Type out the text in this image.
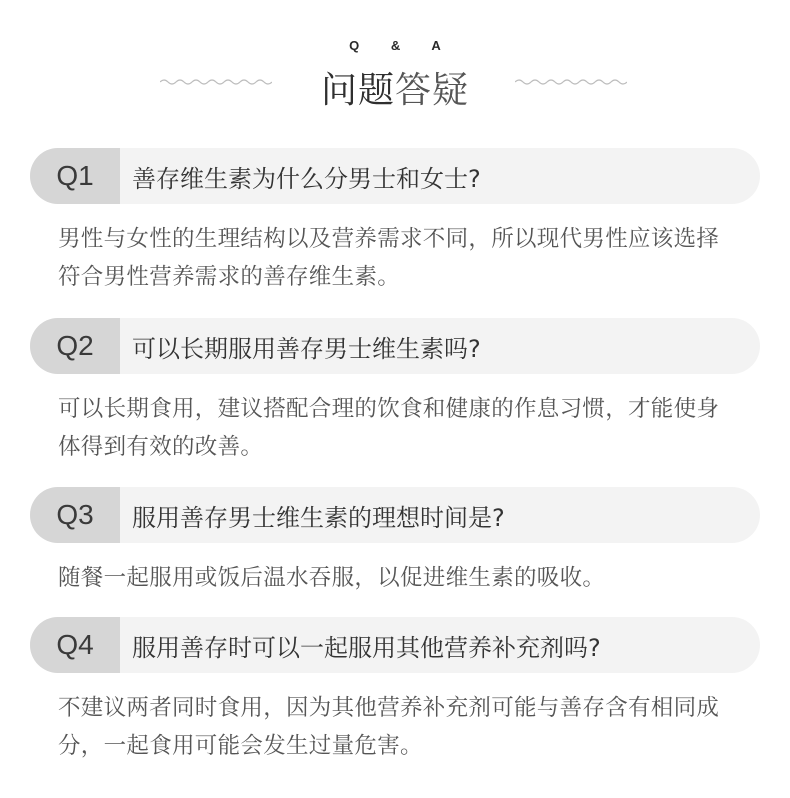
Q & A
问题答疑
Q1	善存维生素为什么分男士和女士?
男性与女性的生理结构以及营养需求不同，所以现代男性应该选择符合男性营养需求的善存维生素。
Q2	可以长期服用善存男士维生素吗?
可以长期食用，建议搭配合理的饮食和健康的作息习惯，才能使身体得到有效的改善。
Q3	服用善存男士维生素的理想时间是?
随餐一起服用或饭后温水吞服，以促进维生素的吸收。
Q4	服用善存时可以一起服用其他营养补充剂吗?
不建议两者同时食用，因为其他营养补充剂可能与善存含有相同成分，一起食用可能会发生过量危害。
